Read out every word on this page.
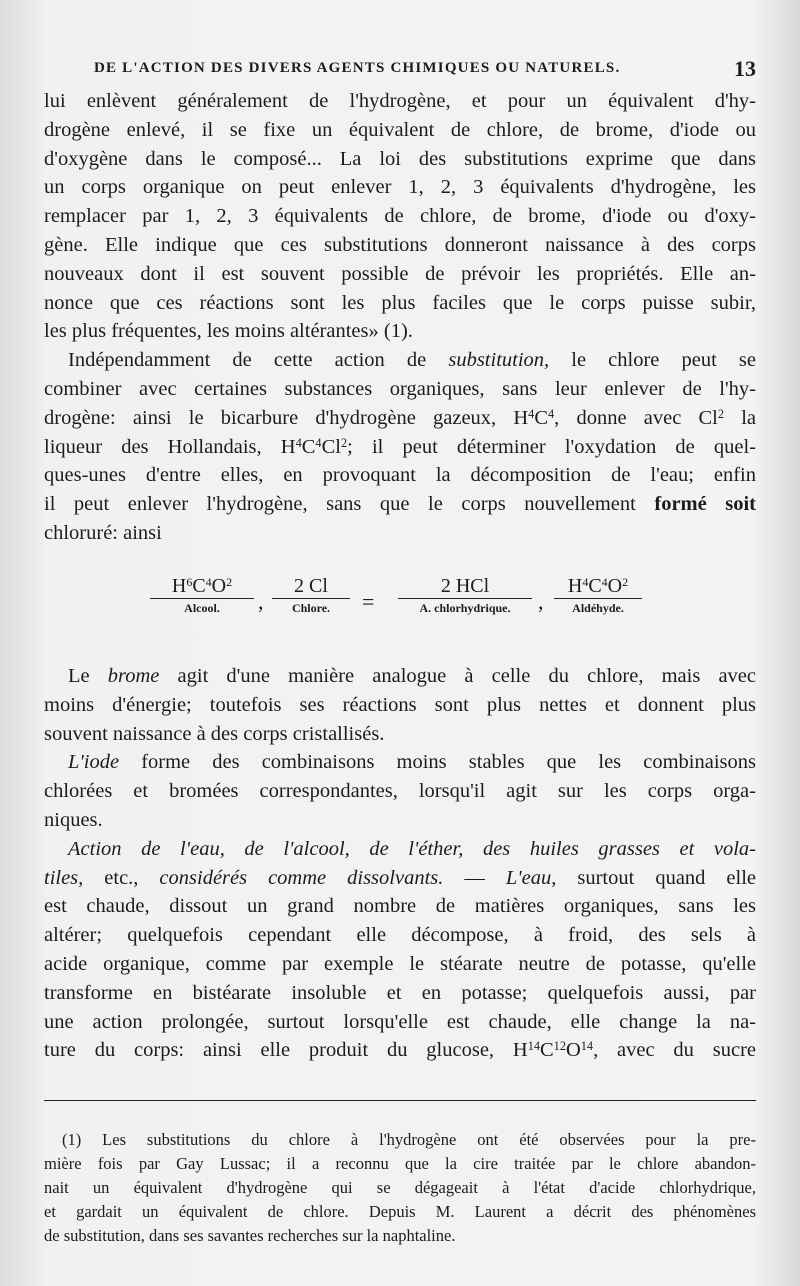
DE L'ACTION DES DIVERS AGENTS CHIMIQUES OU NATURELS.	13

lui enlèvent généralement de l'hydrogène, et pour un équivalent d'hy-
drogène enlevé, il se fixe un équivalent de chlore, de brome, d'iode ou
d'oxygène dans le composé... La loi des substitutions exprime que dans
un corps organique on peut enlever 1, 2, 3 équivalents d'hydrogène, les
remplacer par 1, 2, 3 équivalents de chlore, de brome, d'iode ou d'oxy-
gène. Elle indique que ces substitutions donneront naissance à des corps
nouveaux dont il est souvent possible de prévoir les propriétés. Elle an-
nonce que ces réactions sont les plus faciles que le corps puisse subir,
les plus fréquentes, les moins altérantes» (1).

Indépendamment de cette action de substitution, le chlore peut se
combiner avec certaines substances organiques, sans leur enlever de l'hy-
drogène: ainsi le bicarbure d'hydrogène gazeux, $H^4C^4$, donne avec Cl$^2$ la
liqueur des Hollandais, $H^4C^4Cl^2$; il peut déterminer l'oxydation de quel-
ques-unes d'entre elles, en provoquant la décomposition de l'eau; enfin
il peut enlever l'hydrogène, sans que le corps nouvellement formé soit
chloruré: ainsi

$H^6C^4O^2$
Alcool.	,
2 Cl
Chlore.	=
2 HCl
A. chlorhydrique.	,
$H^4C^4O^2$
Aldéhyde.

Le brome agit d'une manière analogue à celle du chlore, mais avec
moins d'énergie; toutefois ses réactions sont plus nettes et donnent plus
souvent naissance à des corps cristallisés.

L'iode forme des combinaisons moins stables que les combinaisons
chlorées et bromées correspondantes, lorsqu'il agit sur les corps orga-
niques.

Action de l'eau, de l'alcool, de l'éther, des huiles grasses et vola-
tiles, etc., considérés comme dissolvants. — L'eau, surtout quand elle
est chaude, dissout un grand nombre de matières organiques, sans les
altérer; quelquefois cependant elle décompose, à froid, des sels à
acide organique, comme par exemple le stéarate neutre de potasse, qu'elle
transforme en bistéarate insoluble et en potasse; quelquefois aussi, par
une action prolongée, surtout lorsqu'elle est chaude, elle change la na-
ture du corps: ainsi elle produit du glucose, $H^{14}C^{12}O^{14}$, avec du sucre

(1) Les substitutions du chlore à l'hydrogène ont été observées pour la pre-
mière fois par Gay Lussac; il a reconnu que la cire traitée par le chlore abandon-
nait un équivalent d'hydrogène qui se dégageait à l'état d'acide chlorhydrique,
et gardait un équivalent de chlore. Depuis M. Laurent a décrit des phénomènes
de substitution, dans ses savantes recherches sur la naphtaline.
